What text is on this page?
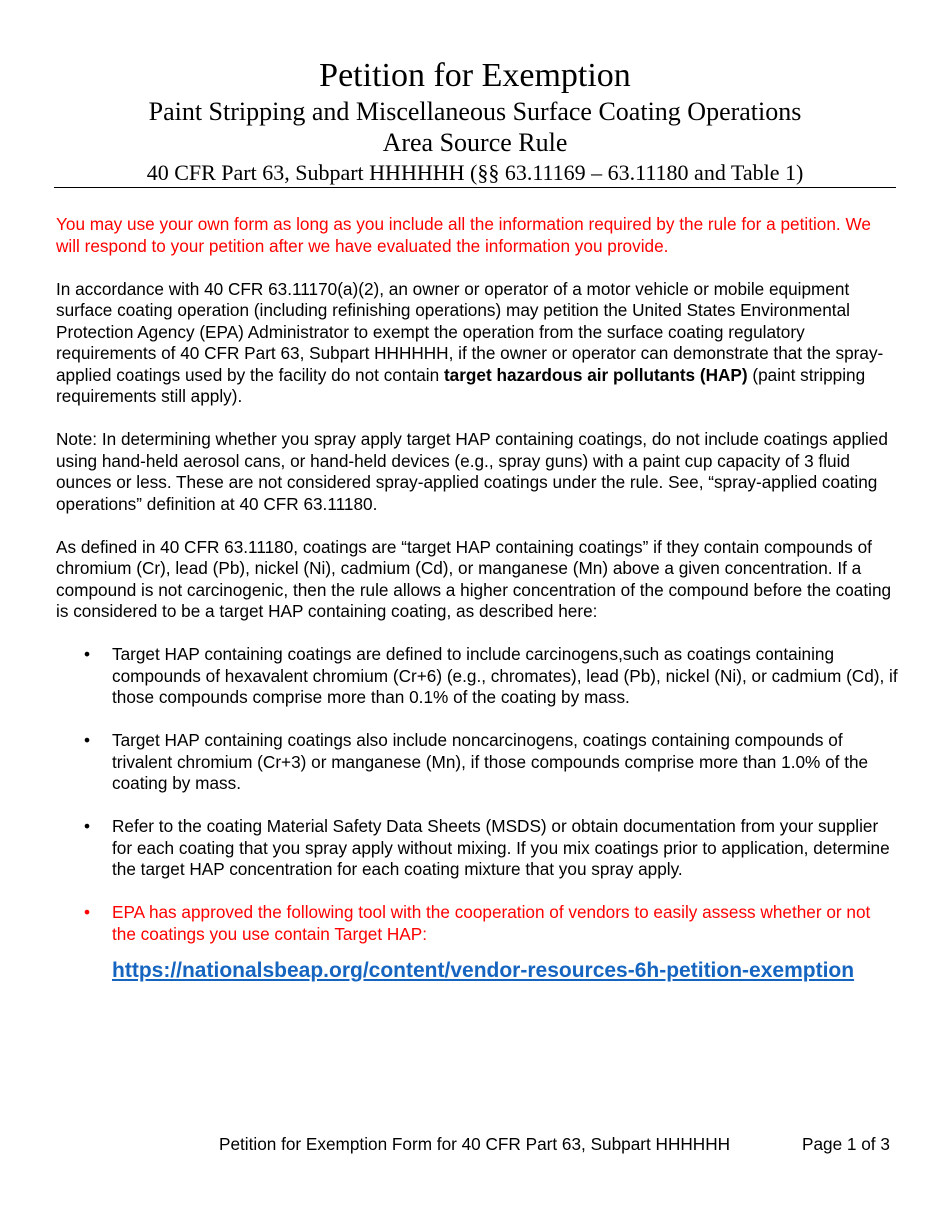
Petition for Exemption
Paint Stripping and Miscellaneous Surface Coating Operations
Area Source Rule
40 CFR Part 63, Subpart HHHHHH (§§ 63.11169 – 63.11180 and Table 1)

You may use your own form as long as you include all the information required by the rule for a petition. We will respond to your petition after we have evaluated the information you provide.

In accordance with 40 CFR 63.11170(a)(2), an owner or operator of a motor vehicle or mobile equipment surface coating operation (including refinishing operations) may petition the United States Environmental Protection Agency (EPA) Administrator to exempt the operation from the surface coating regulatory requirements of 40 CFR Part 63, Subpart HHHHHH, if the owner or operator can demonstrate that the spray-applied coatings used by the facility do not contain target hazardous air pollutants (HAP) (paint stripping requirements still apply).

Note: In determining whether you spray apply target HAP containing coatings, do not include coatings applied using hand-held aerosol cans, or hand-held devices (e.g., spray guns) with a paint cup capacity of 3 fluid ounces or less. These are not considered spray-applied coatings under the rule. See, “spray-applied coating operations” definition at 40 CFR 63.11180.

As defined in 40 CFR 63.11180, coatings are “target HAP containing coatings” if they contain compounds of chromium (Cr), lead (Pb), nickel (Ni), cadmium (Cd), or manganese (Mn) above a given concentration. If a compound is not carcinogenic, then the rule allows a higher concentration of the compound before the coating is considered to be a target HAP containing coating, as described here:

• Target HAP containing coatings are defined to include carcinogens,such as coatings containing compounds of hexavalent chromium (Cr+6) (e.g., chromates), lead (Pb), nickel (Ni), or cadmium (Cd), if those compounds comprise more than 0.1% of the coating by mass.
• Target HAP containing coatings also include noncarcinogens, coatings containing compounds of trivalent chromium (Cr+3) or manganese (Mn), if those compounds comprise more than 1.0% of the coating by mass.
• Refer to the coating Material Safety Data Sheets (MSDS) or obtain documentation from your supplier for each coating that you spray apply without mixing. If you mix coatings prior to application, determine the target HAP concentration for each coating mixture that you spray apply.
• EPA has approved the following tool with the cooperation of vendors to easily assess whether or not the coatings you use contain Target HAP:
https://nationalsbeap.org/content/vendor-resources-6h-petition-exemption
Petition for Exemption Form for 40 CFR Part 63, Subpart HHHHHH	Page 1 of 3
